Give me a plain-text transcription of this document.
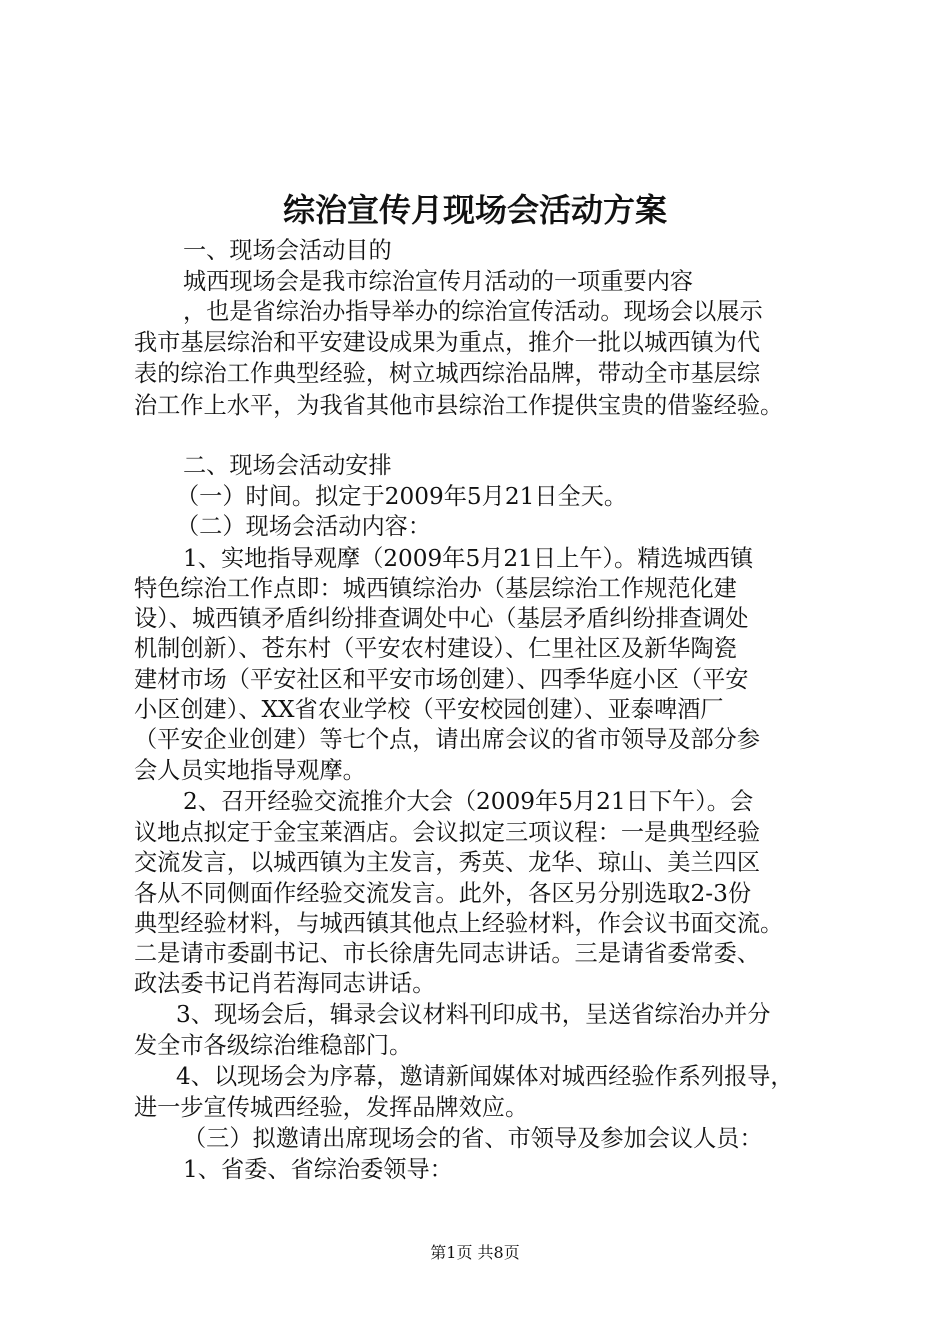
综治宣传月现场会活动方案

一、现场会活动目的

城西现场会是我市综治宣传月活动的一项重要内容

，也是省综治办指导举办的综治宣传活动。现场会以展示

我市基层综治和平安建设成果为重点，推介一批以城西镇为代

表的综治工作典型经验，树立城西综治品牌，带动全市基层综

治工作上水平，为我省其他市县综治工作提供宝贵的借鉴经验。

二、现场会活动安排

（一）时间。拟定于2009年5月21日全天。

（二）现场会活动内容：

1、实地指导观摩（2009年5月21日上午）。精选城西镇

特色综治工作点即：城西镇综治办（基层综治工作规范化建

设）、城西镇矛盾纠纷排查调处中心（基层矛盾纠纷排查调处

机制创新）、苍东村（平安农村建设）、仁里社区及新华陶瓷

建材市场（平安社区和平安市场创建）、四季华庭小区（平安

小区创建）、XX省农业学校（平安校园创建）、亚泰啤酒厂

（平安企业创建）等七个点，请出席会议的省市领导及部分参

会人员实地指导观摩。

2、召开经验交流推介大会（2009年5月21日下午）。会

议地点拟定于金宝莱酒店。会议拟定三项议程：一是典型经验

交流发言，以城西镇为主发言，秀英、龙华、琼山、美兰四区

各从不同侧面作经验交流发言。此外，各区另分别选取2-3份

典型经验材料，与城西镇其他点上经验材料，作会议书面交流。

二是请市委副书记、市长徐唐先同志讲话。三是请省委常委、

政法委书记肖若海同志讲话。

3、现场会后，辑录会议材料刊印成书，呈送省综治办并分

发全市各级综治维稳部门。

4、以现场会为序幕，邀请新闻媒体对城西经验作系列报导，

进一步宣传城西经验，发挥品牌效应。

（三）拟邀请出席现场会的省、市领导及参加会议人员：

1、省委、省综治委领导：

第1页 共8页
